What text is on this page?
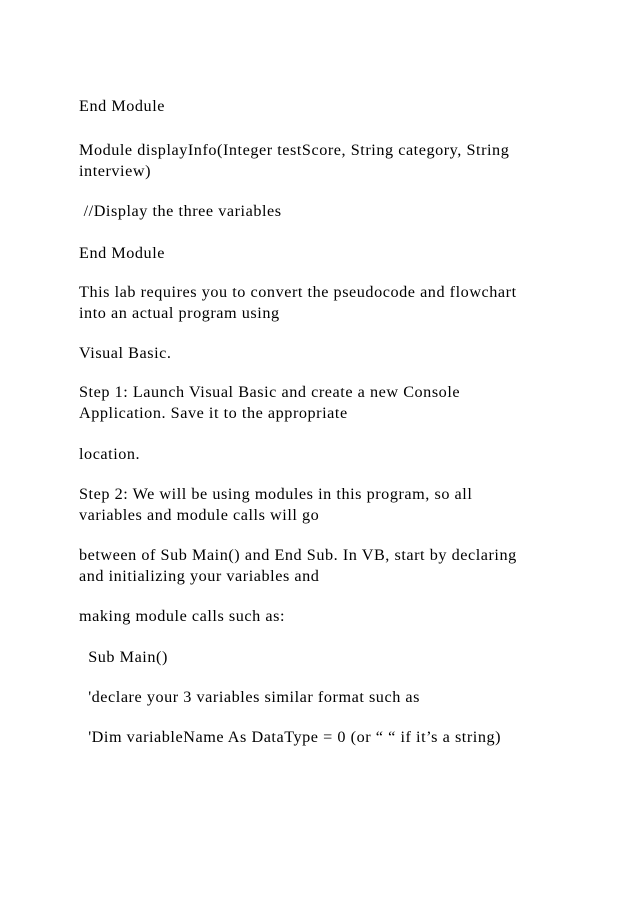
End Module

Module displayInfo(Integer testScore, String category, String
interview)

//Display the three variables

End Module

This lab requires you to convert the pseudocode and flowchart
into an actual program using

Visual Basic.

Step 1: Launch Visual Basic and create a new Console
Application. Save it to the appropriate

location.

Step 2: We will be using modules in this program, so all
variables and module calls will go

between of Sub Main() and End Sub. In VB, start by declaring
and initializing your variables and

making module calls such as:

Sub Main()

'declare your 3 variables similar format such as

'Dim variableName As DataType = 0 (or “ “ if it’s a string)
